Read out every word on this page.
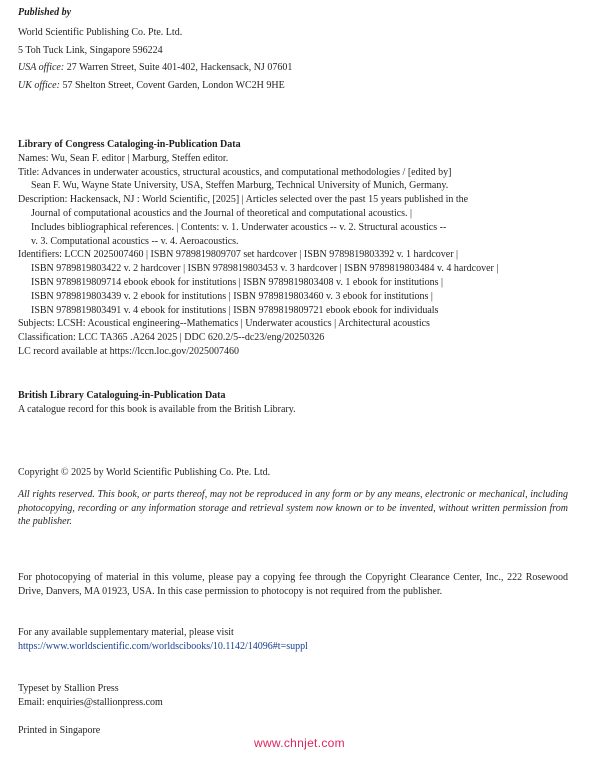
Published by

World Scientific Publishing Co. Pte. Ltd.

5 Toh Tuck Link, Singapore 596224

USA office: 27 Warren Street, Suite 401-402, Hackensack, NJ 07601

UK office: 57 Shelton Street, Covent Garden, London WC2H 9HE

Library of Congress Cataloging-in-Publication Data

Names: Wu, Sean F. editor | Marburg, Steffen editor.

Title: Advances in underwater acoustics, structural acoustics, and computational methodologies / [edited by]

Sean F. Wu, Wayne State University, USA, Steffen Marburg, Technical University of Munich, Germany.

Description: Hackensack, NJ : World Scientific, [2025] | Articles selected over the past 15 years published in the

Journal of computational acoustics and the Journal of theoretical and computational acoustics. |

Includes bibliographical references. | Contents: v. 1. Underwater acoustics -- v. 2. Structural acoustics --

v. 3. Computational acoustics -- v. 4. Aeroacoustics.

Identifiers: LCCN 2025007460 | ISBN 9789819809707 set hardcover | ISBN 9789819803392 v. 1 hardcover |

ISBN 9789819803422 v. 2 hardcover | ISBN 9789819803453 v. 3 hardcover | ISBN 9789819803484 v. 4 hardcover |

ISBN 9789819809714 ebook ebook for institutions | ISBN 9789819803408 v. 1 ebook for institutions |

ISBN 9789819803439 v. 2 ebook for institutions | ISBN 9789819803460 v. 3 ebook for institutions |

ISBN 9789819803491 v. 4 ebook for institutions | ISBN 9789819809721 ebook ebook for individuals

Subjects: LCSH: Acoustical engineering--Mathematics | Underwater acoustics | Architectural acoustics

Classification: LCC TA365 .A264 2025 | DDC 620.2/5--dc23/eng/20250326

LC record available at https://lccn.loc.gov/2025007460

British Library Cataloguing-in-Publication Data

A catalogue record for this book is available from the British Library.

Copyright © 2025 by World Scientific Publishing Co. Pte. Ltd.

All rights reserved. This book, or parts thereof, may not be reproduced in any form or by any means, electronic or mechanical, including photocopying, recording or any information storage and retrieval system now known or to be invented, without written permission from the publisher.

For photocopying of material in this volume, please pay a copying fee through the Copyright Clearance Center, Inc., 222 Rosewood Drive, Danvers, MA 01923, USA. In this case permission to photocopy is not required from the publisher.

For any available supplementary material, please visit

https://www.worldscientific.com/worldscibooks/10.1142/14096#t=suppl

Typeset by Stallion Press

Email: enquiries@stallionpress.com

Printed in Singapore

www.chnjet.com
